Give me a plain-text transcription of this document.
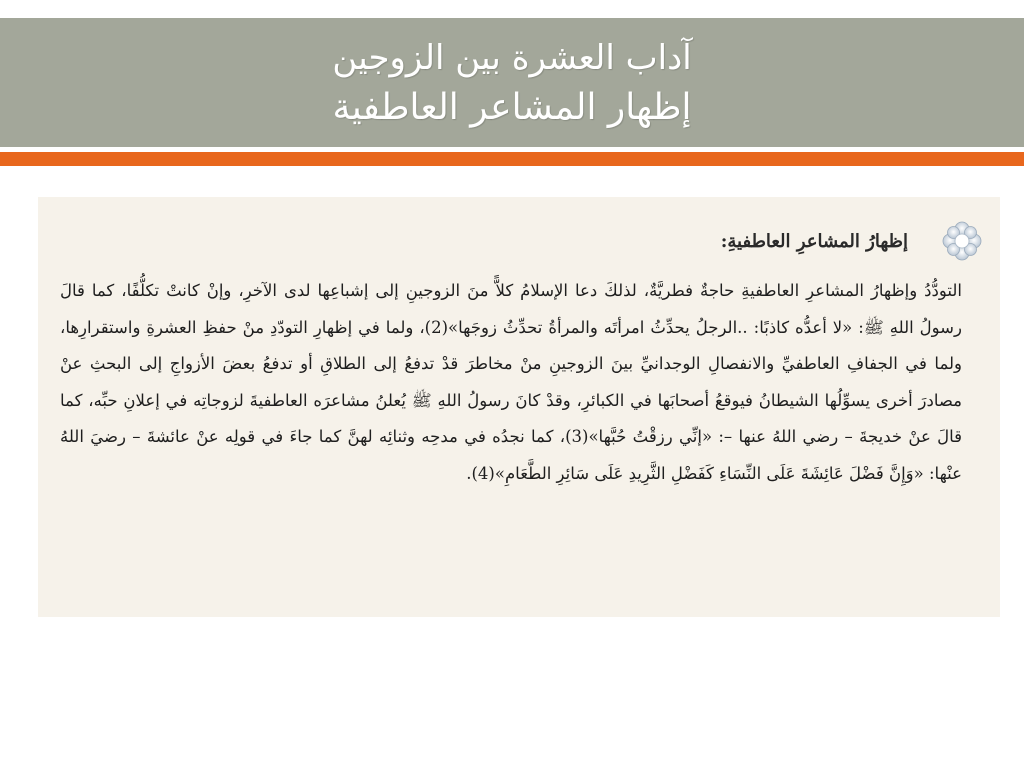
آداب العشرة بين الزوجين
إظهار المشاعر العاطفية
إظهارُ المشاعرِ العاطفيةِ:

التودُّدُ وإظهارُ المشاعرِ العاطفيةِ حاجةٌ فطريَّةٌ، لذلكَ دعا الإسلامُ كلاًّ منَ الزوجينِ إلى إشباعِها لدى الآخرِ، وإنْ كانتْ تكلُّفًا، كما قالَ رسولُ اللهِ ﷺ: «لا أعدُّه كاذبًا: ..الرجلُ يحدِّثُ امرأتَه والمرأةُ تحدِّثُ زوجَها»(2)، ولما في إظهارِ التودّدِ منْ حفظِ العشرةِ واستقرارِها، ولما في الجفافِ العاطفيِّ والانفصالِ الوجدانيِّ بينَ الزوجينِ منْ مخاطرَ قدْ تدفعُ إلى الطلاقِ أو تدفعُ بعضَ الأزواجِ إلى البحثِ عنْ مصادرَ أخرى يسوِّلُها الشيطانُ فيوقعُ أصحابَها في الكبائرِ، وقدْ كانَ رسولُ اللهِ ﷺ يُعلنُ مشاعرَه العاطفيةَ لزوجاتِه في إعلانِ حبِّه، كما قالَ عنْ خديجةَ – رضي اللهُ عنها –: «إنِّي رزقْتُ حُبَّها»(3)، كما نجدُه في مدحِه وثنائِه لهنَّ كما جاءَ في قولِه عنْ عائشةَ – رضيَ اللهُ عنْها: «وَإِنَّ فَضْلَ عَائِشَةَ عَلَى النِّسَاءِ كَفَضْلِ الثَّرِيدِ عَلَى سَائِرِ الطَّعَامِ»(4).
